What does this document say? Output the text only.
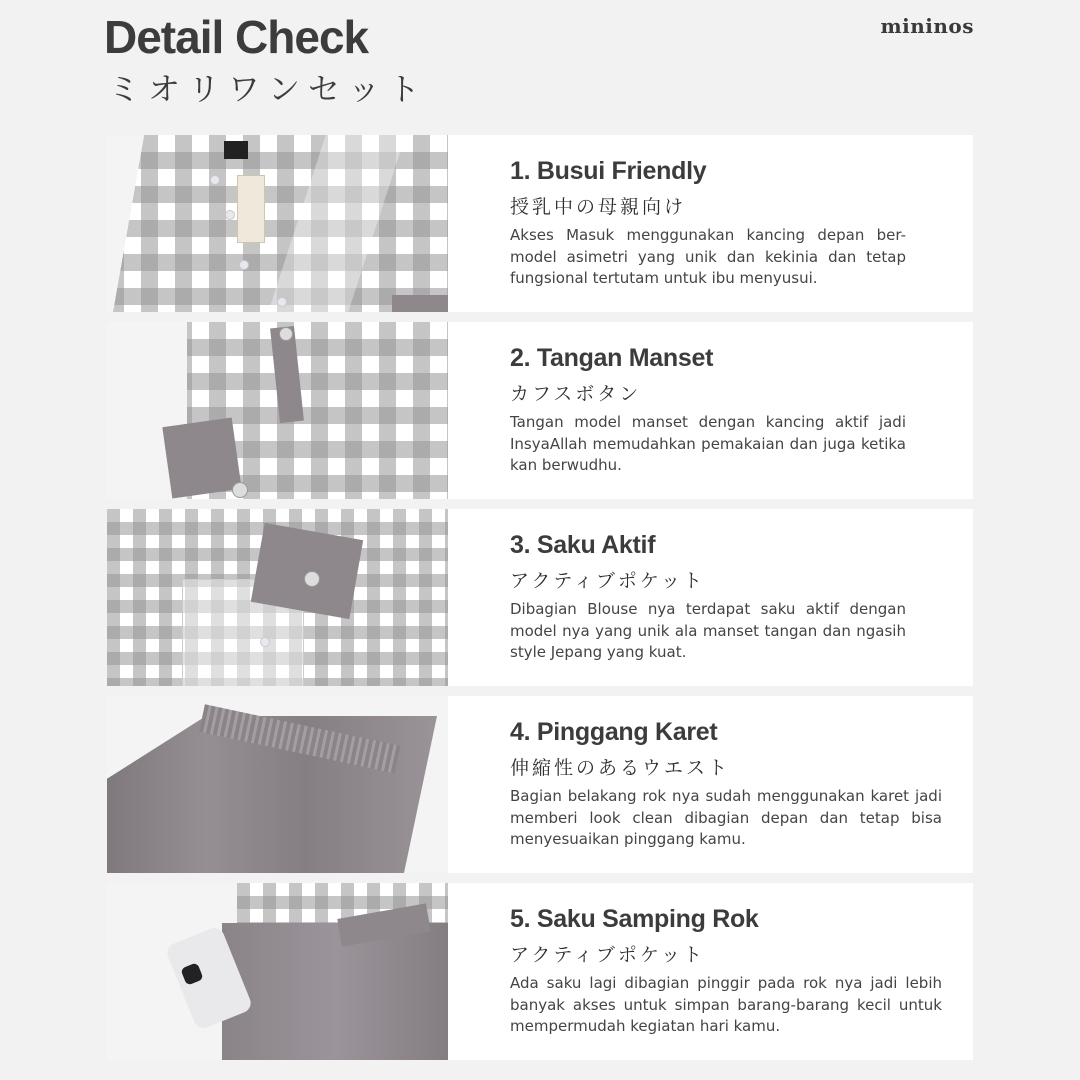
Detail Check
ミオリワンセット
mininos
1. Busui Friendly
授乳中の母親向け

Akses Masuk menggunakan kancing depan ber-model asimetri yang unik dan kekinia dan tetap fungsional tertutam untuk ibu menyusui.

2. Tangan Manset
カフスボタン

Tangan model manset dengan kancing aktif jadi InsyaAllah memudahkan pemakaian dan juga ketika kan berwudhu.

3. Saku Aktif
アクティブポケット

Dibagian Blouse nya terdapat saku aktif dengan model nya yang unik ala manset tangan dan ngasih style Jepang yang kuat.

4. Pinggang Karet
伸縮性のあるウエスト

Bagian belakang rok nya sudah menggunakan karet jadi memberi look clean dibagian depan dan tetap bisa menyesuaikan pinggang kamu.

5. Saku Samping Rok
アクティブポケット

Ada saku lagi dibagian pinggir pada rok nya jadi lebih banyak akses untuk simpan barang-barang kecil untuk mempermudah kegiatan hari kamu.
